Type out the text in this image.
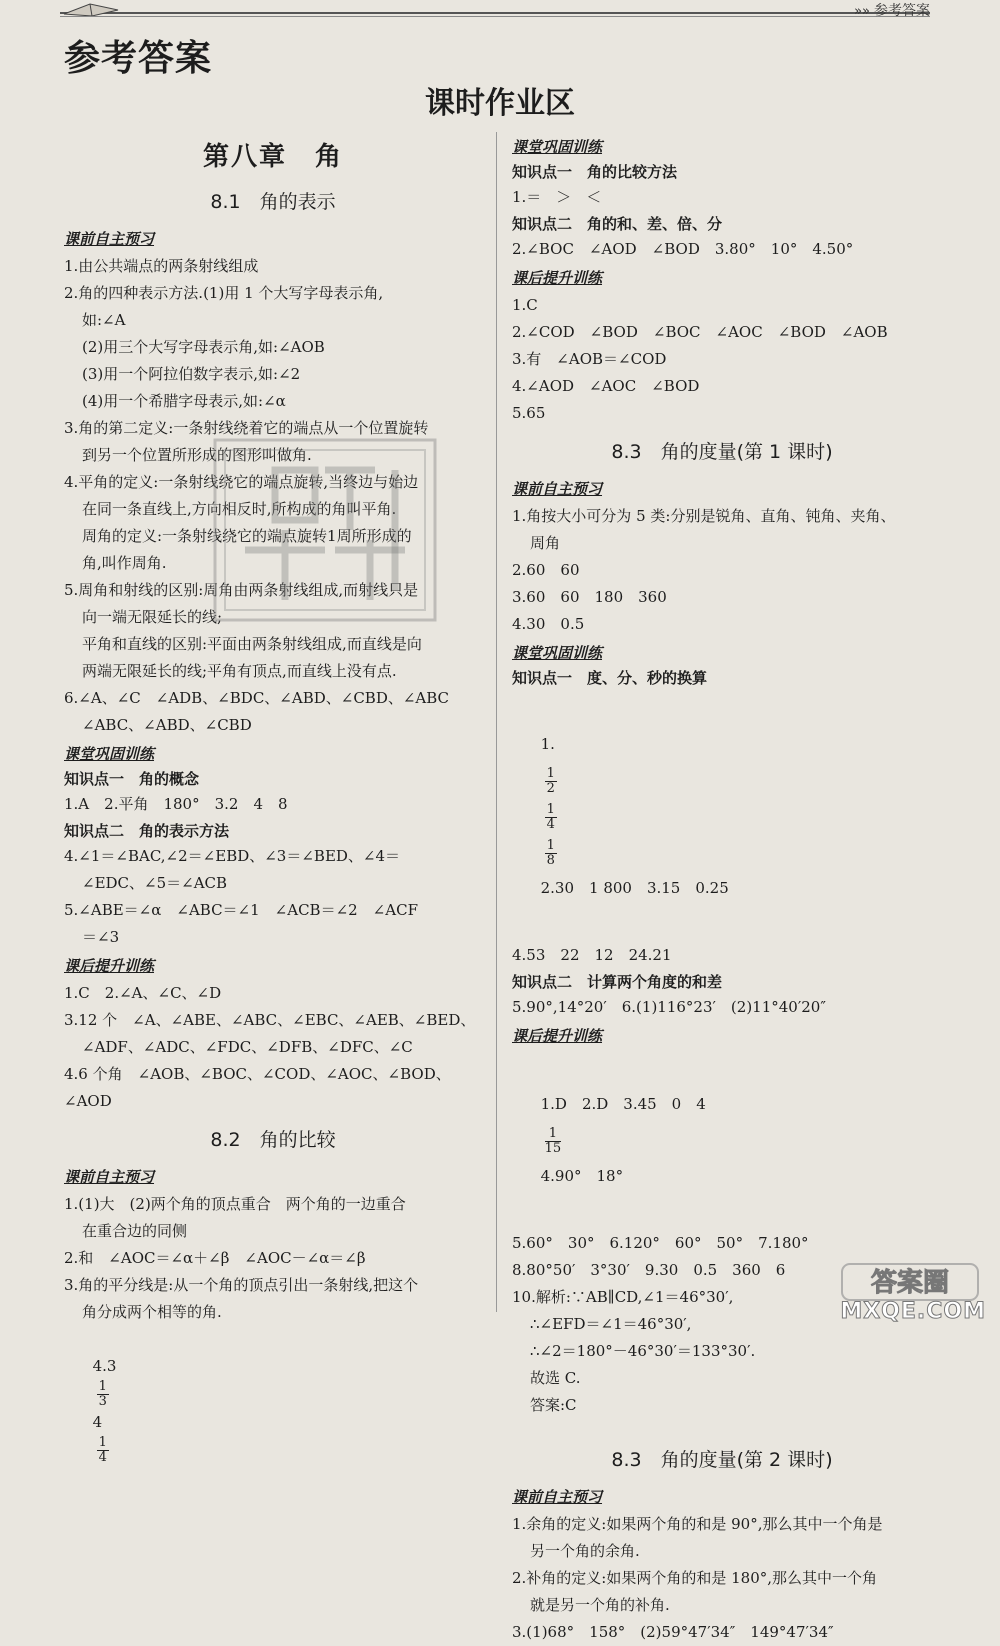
»» 参考答案
参考答案
课时作业区
第八章　角
8.1　角的表示
课前自主预习
1.由公共端点的两条射线组成
2.角的四种表示方法.(1)用 1 个大写字母表示角,
如:∠A
(2)用三个大写字母表示角,如:∠AOB
(3)用一个阿拉伯数字表示,如:∠2
(4)用一个希腊字母表示,如:∠α
3.角的第二定义:一条射线绕着它的端点从一个位置旋转
到另一个位置所形成的图形叫做角.
4.平角的定义:一条射线绕它的端点旋转,当终边与始边
在同一条直线上,方向相反时,所构成的角叫平角.
周角的定义:一条射线绕它的端点旋转1周所形成的
角,叫作周角.
5.周角和射线的区别:周角由两条射线组成,而射线只是
向一端无限延长的线;
平角和直线的区别:平面由两条射线组成,而直线是向
两端无限延长的线;平角有顶点,而直线上没有点.
6.∠A、∠C　∠ADB、∠BDC、∠ABD、∠CBD、∠ABC
∠ABC、∠ABD、∠CBD
课堂巩固训练
知识点一　角的概念
1.A　2.平角　180°　3.2　4　8
知识点二　角的表示方法
4.∠1＝∠BAC,∠2＝∠EBD、∠3＝∠BED、∠4＝
∠EDC、∠5＝∠ACB
5.∠ABE＝∠α　∠ABC＝∠1　∠ACB＝∠2　∠ACF
＝∠3
课后提升训练
1.C　2.∠A、∠C、∠D
3.12 个　∠A、∠ABE、∠ABC、∠EBC、∠AEB、∠BED、
∠ADF、∠ADC、∠FDC、∠DFB、∠DFC、∠C
4.6 个角　∠AOB、∠BOC、∠COD、∠AOC、∠BOD、∠AOD
8.2　角的比较
课前自主预习
1.(1)大　(2)两个角的顶点重合　两个角的一边重合
在重合边的同侧
2.和　∠AOC＝∠α＋∠β　∠AOC－∠α＝∠β
3.角的平分线是:从一个角的顶点引出一条射线,把这个
角分成两个相等的角.

4.3

$\frac{1}{3}$

4

$\frac{1}{4}$

课堂巩固训练
知识点一　角的比较方法
1.＝　＞　＜
知识点二　角的和、差、倍、分
2.∠BOC　∠AOD　∠BOD　3.80°　10°　4.50°
课后提升训练
1.C
2.∠COD　∠BOD　∠BOC　∠AOC　∠BOD　∠AOB
3.有　∠AOB＝∠COD
4.∠AOD　∠AOC　∠BOD
5.65
8.3　角的度量(第 1 课时)
课前自主预习
1.角按大小可分为 5 类:分别是锐角、直角、钝角、夹角、
周角
2.60　60
3.60　60　180　360
4.30　0.5
课堂巩固训练
知识点一　度、分、秒的换算

1.

$\frac{1}{2}$

$\frac{1}{4}$

$\frac{1}{8}$

2.30　1 800　3.15　0.25

4.53　22　12　24.21
知识点二　计算两个角度的和差
5.90°,14°20′　6.(1)116°23′　(2)11°40′20″
课后提升训练

1.D　2.D　3.45　0　4

$\frac{1}{15}$

4.90°　18°

5.60°　30°　6.120°　60°　50°　7.180°
8.80°50′　3°30′　9.30　0.5　360　6
10.解析:∵AB∥CD,∠1＝46°30′,
∴∠EFD＝∠1＝46°30′,
∴∠2＝180°－46°30′＝133°30′.
故选 C.
答案:C
8.3　角的度量(第 2 课时)
课前自主预习
1.余角的定义:如果两个角的和是 90°,那么其中一个角是
另一个角的余角.
2.补角的定义:如果两个角的和是 180°,那么其中一个角
就是另一个角的补角.
3.(1)68°　158°　(2)59°47′34″　149°47′34″
答案圈
MXQE.COM
